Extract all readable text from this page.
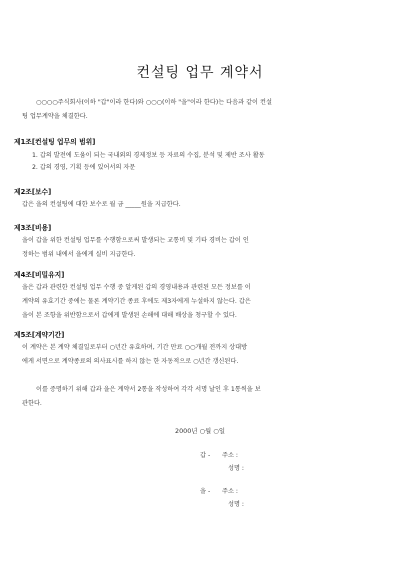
컨설팅 업무 계약서
○○○○주식회사(이하 "갑"이라 한다)와 ○○○(이하 "을"이라 한다)는 다음과 같이 컨설
팅 업무계약을 체결한다.
제1조[컨설팅 업무의 범위]
1. 갑의 발전에 도움이 되는 국내외의 경제정보 등 자료의 수집, 분석 및 제반 조사 활동
2. 갑의 경영, 기획 등에 있어서의 자문
제2조[보수]
갑은 을의 컨설팅에 대한 보수로 월 금 _____원을 지급한다.
제3조[비용]
을이 갑을 위한 컨설팅 업무를 수행함으로써 발생되는 교통비 및 기타 경비는 갑이 인
정하는 범위 내에서 을에게 실비 지급한다.
제4조[비밀유지]
을은 갑과 관련한 컨설팅 업무 수행 중 알게된 갑의 경영내용과 관련된 모든 정보를 이
계약의 유효기간 중에는 물론 계약기간 종료 후에도 제3자에게 누설하지 않는다. 갑은
을이 본 조항을 위반함으로서 갑에게 발생된 손해에 대해 배상을 청구할 수 있다.
제5조[계약기간]
이 계약은 본 계약 체결일로부터 ○년간 유효하며, 기간 만료 ○○개월 전까지 상대방
에게 서면으로 계약종료의 의사표시를 하지 않는 한 자동적으로 ○년간 갱신된다.
이를 증명하기 위해 갑과 을은 계약서 2통을 작성하여 각각 서명 날인 후 1통씩을 보
관한다.
2000년 ○월 ○일
갑 - 주소 :
성명 :
을 - 주소 :
성명 :
